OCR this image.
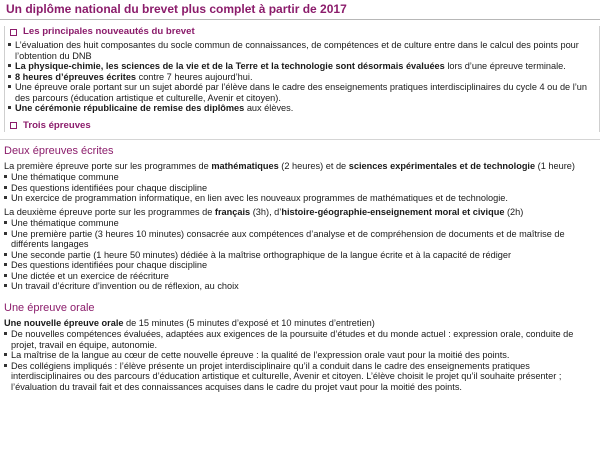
Un diplôme national du brevet plus complet à partir de 2017
Les principales nouveautés du brevet
L’évaluation des huit composantes du socle commun de connaissances, de compétences et de culture entre dans le calcul des points pour l’obtention du DNB
La physique-chimie, les sciences de la vie et de la Terre et la technologie sont désormais évaluées lors d’une épreuve terminale.
8 heures d’épreuves écrites contre 7 heures aujourd’hui.
Une épreuve orale portant sur un sujet abordé par l’élève dans le cadre des enseignements pratiques interdisciplinaires du cycle 4 ou de l’un des parcours (éducation artistique et culturelle, Avenir et citoyen).
Une cérémonie républicaine de remise des diplômes aux élèves.
Trois épreuves
Deux épreuves écrites

La première épreuve porte sur les programmes de mathématiques (2 heures) et de sciences expérimentales et de technologie (1 heure)

Une thématique commune
Des questions identifiées pour chaque discipline
Un exercice de programmation informatique, en lien avec les nouveaux programmes de mathématiques et de technologie.

La deuxième épreuve porte sur les programmes de français (3h), d’histoire-géographie-enseignement moral et civique (2h)

Une thématique commune
Une première partie (3 heures 10 minutes) consacrée aux compétences d’analyse et de compréhension de documents et de maîtrise de différents langages
Une seconde partie (1 heure 50 minutes) dédiée à la maîtrise orthographique de la langue écrite et à la capacité de rédiger
Des questions identifiées pour chaque discipline
Une dictée et un exercice de réécriture
Un travail d’écriture d’invention ou de réflexion, au choix
Une épreuve orale

Une nouvelle épreuve orale de 15 minutes (5 minutes d’exposé et 10 minutes d’entretien)

De nouvelles compétences évaluées, adaptées aux exigences de la poursuite d’études et du monde actuel : expression orale, conduite de projet, travail en équipe, autonomie.
La maîtrise de la langue au cœur de cette nouvelle épreuve : la qualité de l’expression orale vaut pour la moitié des points.
Des collégiens impliqués : l’élève présente un projet interdisciplinaire qu’il a conduit dans le cadre des enseignements pratiques interdisciplinaires ou des parcours d’éducation artistique et culturelle, Avenir et citoyen. L’élève choisit le projet qu’il souhaite présenter ; l’évaluation du travail fait et des connaissances acquises dans le cadre du projet vaut pour la moitié des points.
